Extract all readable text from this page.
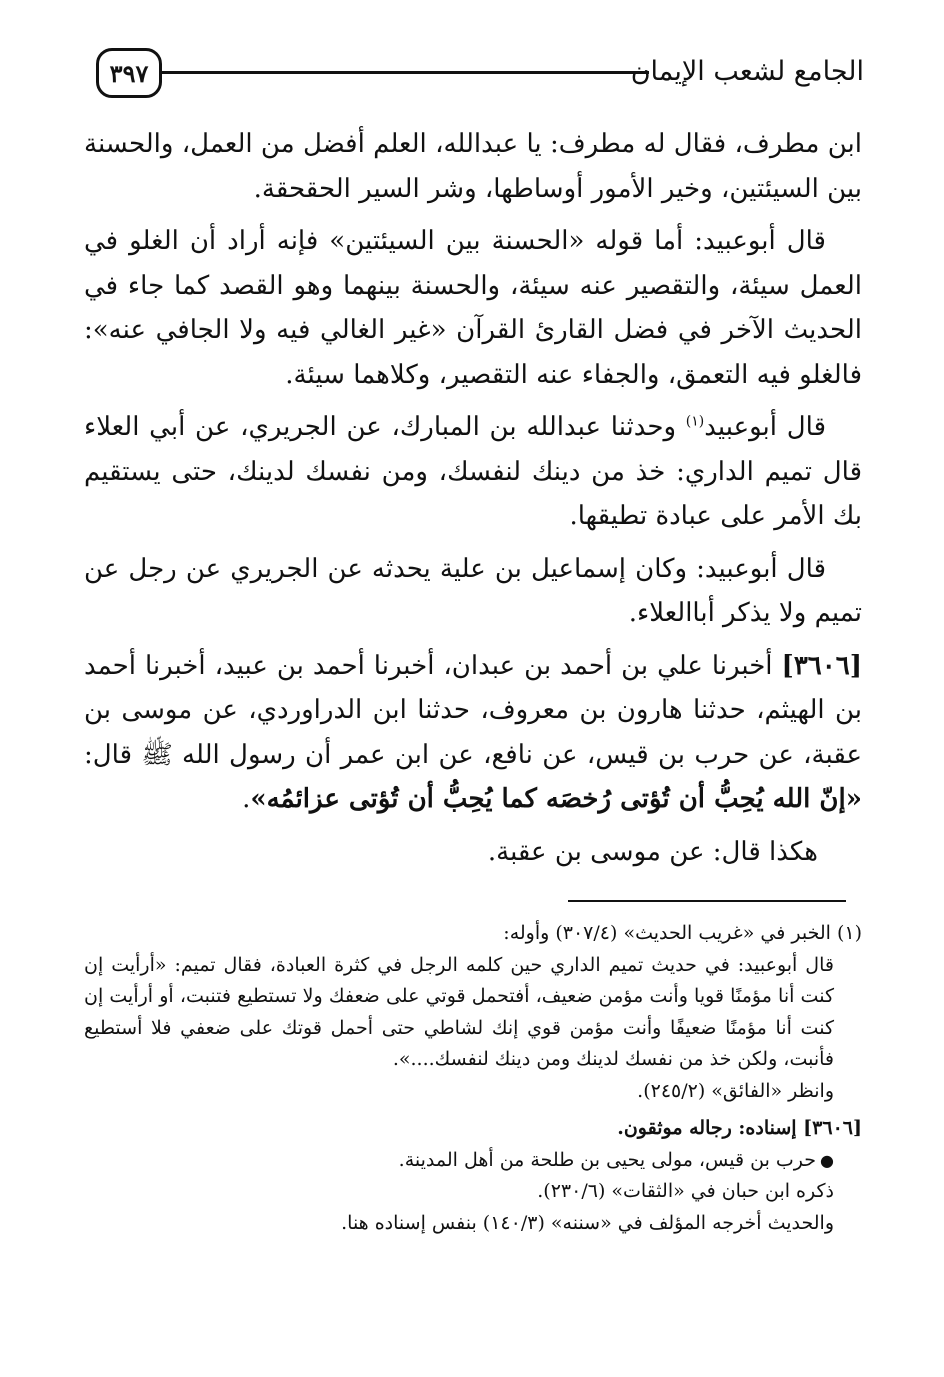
الجامع لشعب الإيمان
٣٩٧

ابن مطرف، فقال له مطرف: يا عبدالله، العلم أفضل من العمل، والحسنة بين السيئتين، وخير الأمور أوساطها، وشر السير الحقحقة.

قال أبوعبيد: أما قوله «الحسنة بين السيئتين» فإنه أراد أن الغلو في العمل سيئة، والتقصير عنه سيئة، والحسنة بينهما وهو القصد كما جاء في الحديث الآخر في فضل القارئ القرآن «غير الغالي فيه ولا الجافي عنه»: فالغلو فيه التعمق، والجفاء عنه التقصير، وكلاهما سيئة.

قال أبوعبيد$^{(١)}$ وحدثنا عبدالله بن المبارك، عن الجريري، عن أبي العلاء قال تميم الداري: خذ من دينك لنفسك، ومن نفسك لدينك، حتى يستقيم بك الأمر على عبادة تطيقها.

قال أبوعبيد: وكان إسماعيل بن علية يحدثه عن الجريري عن رجل عن تميم ولا يذكر أباالعلاء.

[٣٦٠٦] أخبرنا علي بن أحمد بن عبدان، أخبرنا أحمد بن عبيد، أخبرنا أحمد بن الهيثم، حدثنا هارون بن معروف، حدثنا ابن الدراوردي، عن موسى بن عقبة، عن حرب بن قيس، عن نافع، عن ابن عمر أن رسول الله ﷺ قال: «إنّ الله يُحِبُّ أن تُؤتى رُخصَه كما يُحِبُّ أن تُؤتى عزائمُه».

هكذا قال: عن موسى بن عقبة.

(١) الخبر في «غريب الحديث» (٣٠٧/٤) وأوله:

قال أبوعبيد: في حديث تميم الداري حين كلمه الرجل في كثرة العبادة، فقال تميم: «أرأيت إن كنت أنا مؤمنًا قويا وأنت مؤمن ضعيف، أفتحمل قوتي على ضعفك ولا تستطيع فتنبت، أو أرأيت إن كنت أنا مؤمنًا ضعيفًا وأنت مؤمن قوي إنك لشاطي حتى أحمل قوتك على ضعفي فلا أستطيع فأنبت، ولكن خذ من نفسك لدينك ومن دينك لنفسك....».

وانظر «الفائق» (٢٤٥/٢).

[٣٦٠٦] إسناده: رجاله موثقون.

●حرب بن قيس، مولى يحيى بن طلحة من أهل المدينة.

ذكره ابن حبان في «الثقات» (٢٣٠/٦).

والحديث أخرجه المؤلف في «سننه» (١٤٠/٣) بنفس إسناده هنا.
